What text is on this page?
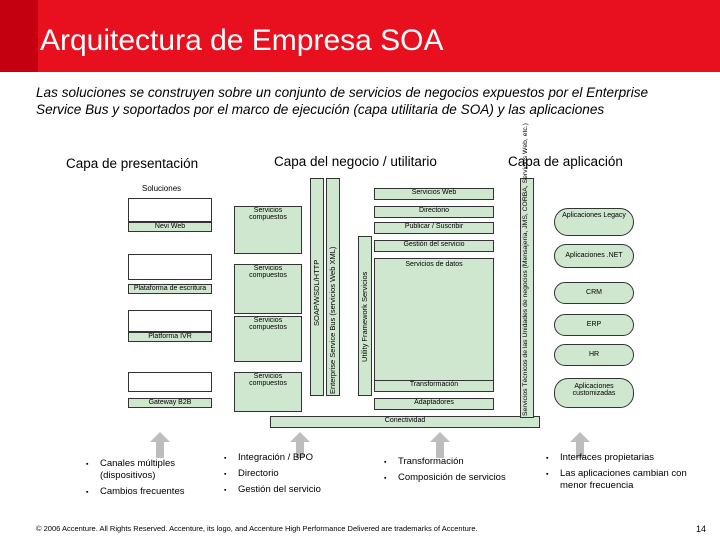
Arquitectura de Empresa SOA
Las soluciones se construyen sobre un conjunto de servicios de negocios expuestos por el Enterprise Service Bus y soportados por el marco de ejecución (capa utilitaria de SOA) y las aplicaciones
Capa de presentación	Capa del negocio / utilitario	Capa de aplicación
Soluciones
Nevi Web
Plataforma de escritura
Platforma IVR
Gateway B2B
Servicios compuestos
Servicios compuestos
Servicios compuestos
Servicios compuestos
SOAP/WSDL/HTTP Enterprise Service Bus (servicios Web XML)	Utility Framework Servicios
Servicios Web
Directorio
Publicar / Suscribir
Gestión del servicio
Servicios de datos
Transformación
Adaptadores
Conectividad
Servicios Técnicos de las Unidades de negocios (Mensajería, JMS, CORBA, Servicios Web, etc.)	Aplicaciones Legacy
Aplicaciones .NET
CRM
ERP
HR
Aplicaciones customizadas
▪ Canales múltiples (dispositivos)
▪ Cambios frecuentes
▪ Integración / BPO
▪ Directorio
▪ Gestión del servicio
▪ Transformación
▪ Composición de servicios
▪ Interfaces propietarias
▪ Las aplicaciones cambian con menor frecuencia
© 2006 Accenture. All Rights Reserved. Accenture, its logo, and Accenture High Performance Delivered are trademarks of Accenture.	14
